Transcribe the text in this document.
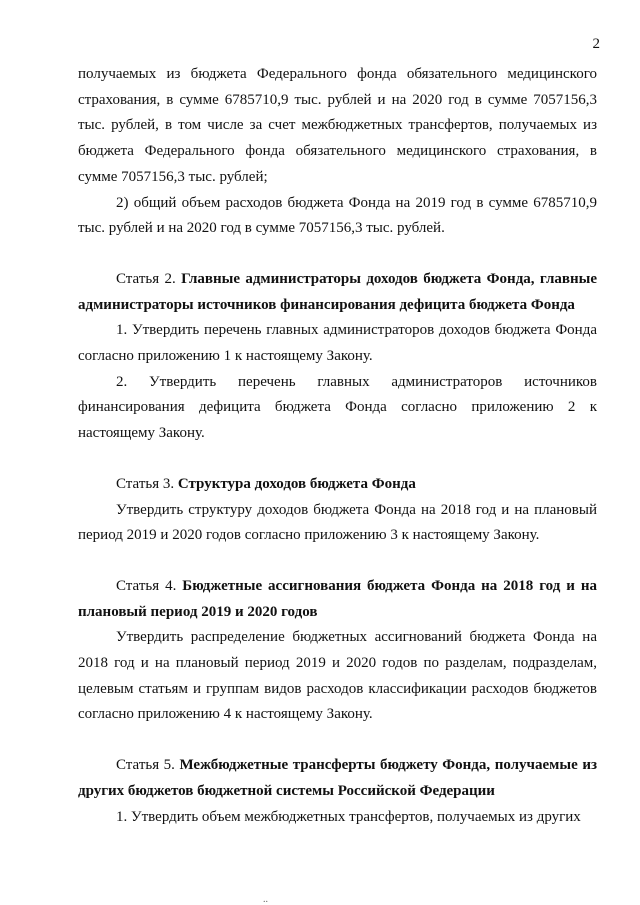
2

получаемых из бюджета Федерального фонда обязательного медицинского страхования, в сумме 6785710,9 тыс. рублей и на 2020 год в сумме 7057156,3 тыс. рублей, в том числе за счет межбюджетных трансфертов, получаемых из бюджета Федерального фонда обязательного медицинского страхования, в сумме 7057156,3 тыс. рублей;

2) общий объем расходов бюджета Фонда на 2019 год в сумме 6785710,9 тыс. рублей и на 2020 год в сумме 7057156,3 тыс. рублей.

Статья 2. Главные администраторы доходов бюджета Фонда, главные администраторы источников финансирования дефицита бюджета Фонда

1. Утвердить перечень главных администраторов доходов бюджета Фонда согласно приложению 1 к настоящему Закону.

2. Утвердить перечень главных администраторов источников финансирования дефицита бюджета Фонда согласно приложению 2 к настоящему Закону.

Статья 3. Структура доходов бюджета Фонда

Утвердить структуру доходов бюджета Фонда на 2018 год и на плановый период 2019 и 2020 годов согласно приложению 3 к настоящему Закону.

Статья 4. Бюджетные ассигнования бюджета Фонда на 2018 год и на плановый период 2019 и 2020 годов

Утвердить распределение бюджетных ассигнований бюджета Фонда на 2018 год и на плановый период 2019 и 2020 годов по разделам, подразделам, целевым статьям и группам видов расходов классификации расходов бюджетов согласно приложению 4 к настоящему Закону.

Статья 5. Межбюджетные трансферты бюджету Фонда, получаемые из других бюджетов бюджетной системы Российской Федерации

1. Утвердить объем межбюджетных трансфертов, получаемых из других

..
